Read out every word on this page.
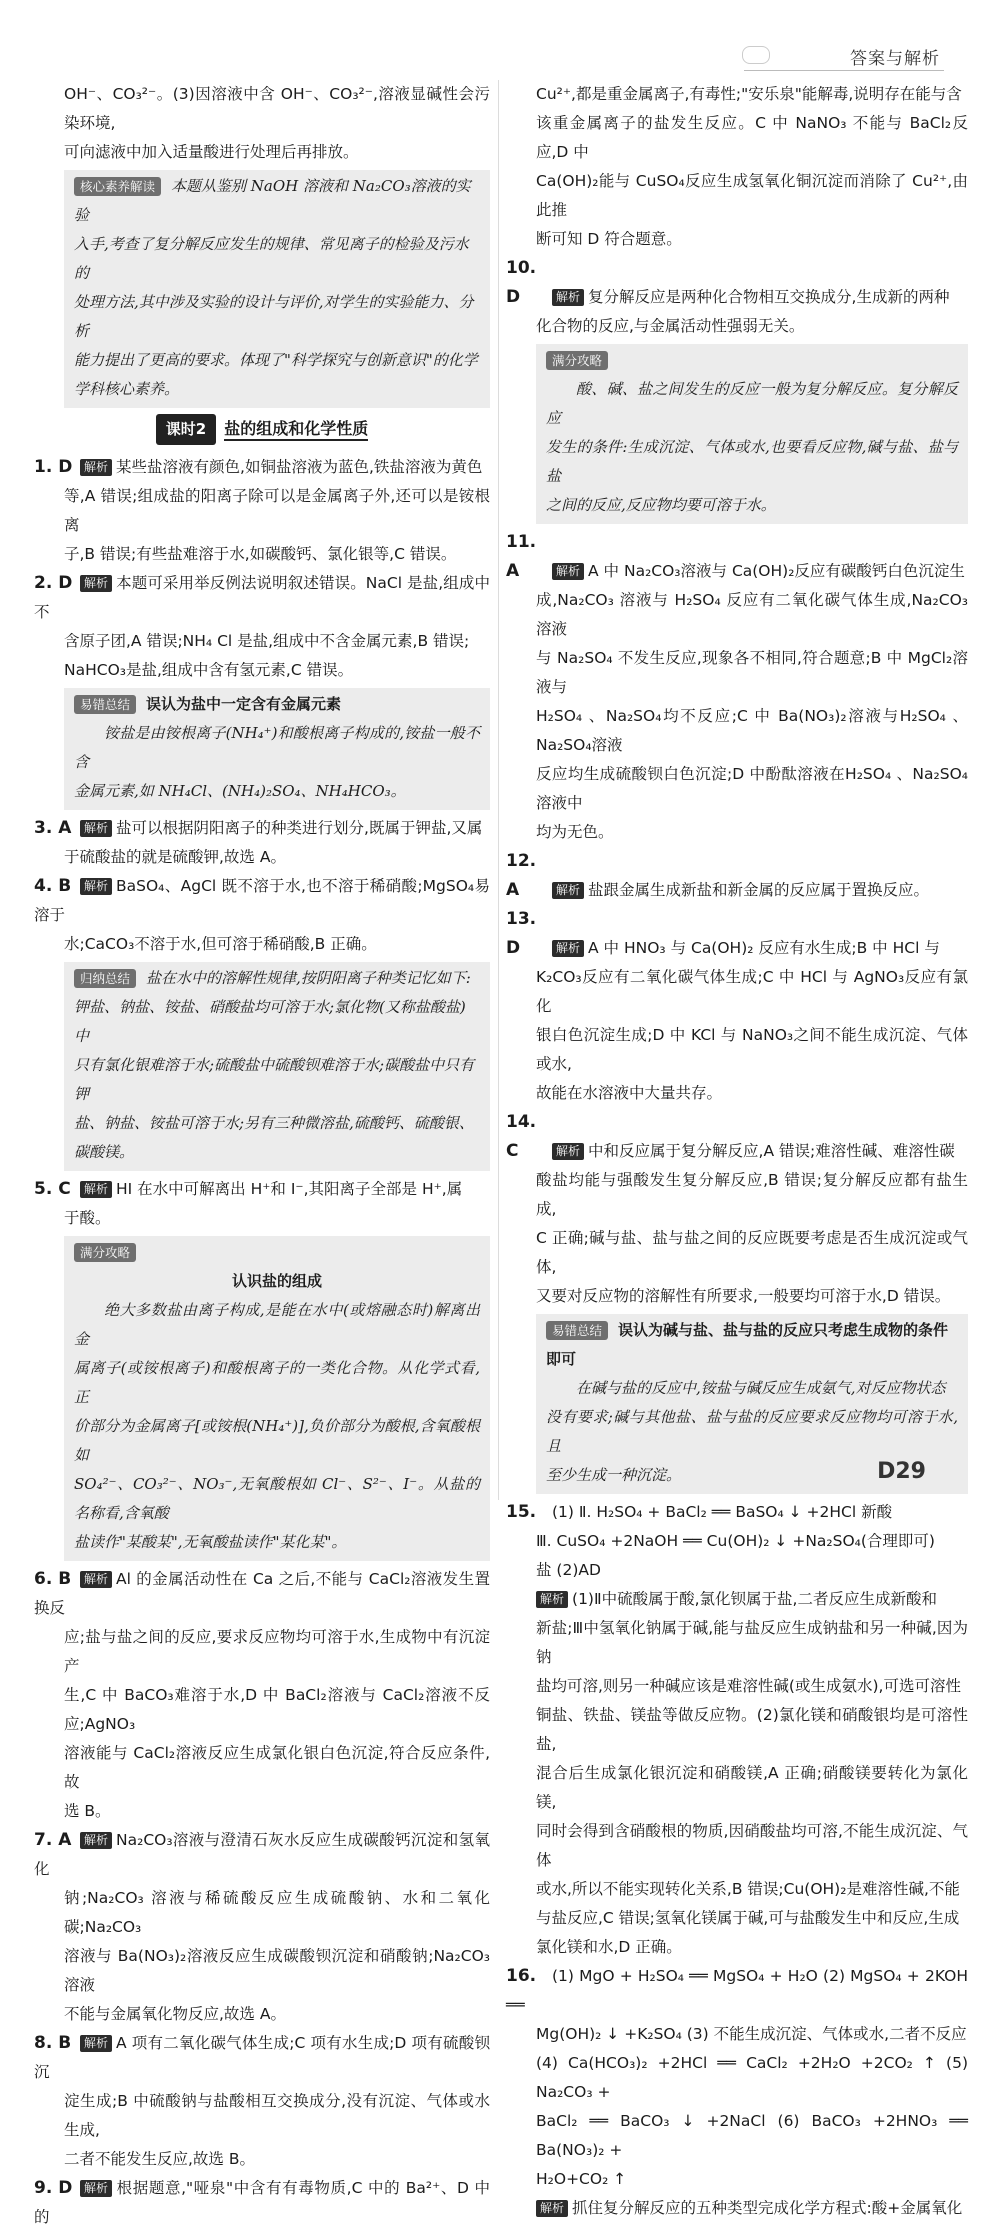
答案与解析

OH⁻、CO₃²⁻。(3)因溶液中含 OH⁻、CO₃²⁻,溶液显碱性会污染环境,

可向滤液中加入适量酸进行处理后再排放。

核心素养解读 本题从鉴别 NaOH 溶液和 Na₂CO₃溶液的实验
入手,考查了复分解反应发生的规律、常见离子的检验及污水的
处理方法,其中涉及实验的设计与评价,对学生的实验能力、分析
能力提出了更高的要求。体现了"科学探究与创新意识"的化学
学科核心素养。
课时2 盐的组成和化学性质

1. D 解析 某些盐溶液有颜色,如铜盐溶液为蓝色,铁盐溶液为黄色

等,A 错误;组成盐的阳离子除可以是金属离子外,还可以是铵根离

子,B 错误;有些盐难溶于水,如碳酸钙、氯化银等,C 错误。

2. D 解析 本题可采用举反例法说明叙述错误。NaCl 是盐,组成中不

含原子团,A 错误;NH₄ Cl 是盐,组成中不含金属元素,B 错误;

NaHCO₃是盐,组成中含有氢元素,C 错误。

易错总结 误认为盐中一定含有金属元素

铵盐是由铵根离子(NH₄⁺)和酸根离子构成的,铵盐一般不含

金属元素,如 NH₄Cl、(NH₄)₂SO₄、NH₄HCO₃。

3. A 解析 盐可以根据阴阳离子的种类进行划分,既属于钾盐,又属

于硫酸盐的就是硫酸钾,故选 A。

4. B 解析 BaSO₄、AgCl 既不溶于水,也不溶于稀硝酸;MgSO₄易溶于

水;CaCO₃不溶于水,但可溶于稀硝酸,B 正确。

归纳总结 盐在水中的溶解性规律,按阴阳离子种类记忆如下:
钾盐、钠盐、铵盐、硝酸盐均可溶于水;氯化物(又称盐酸盐)中
只有氯化银难溶于水;硫酸盐中硫酸钡难溶于水;碳酸盐中只有钾
盐、钠盐、铵盐可溶于水;另有三种微溶盐,硫酸钙、硫酸银、碳酸镁。

5. C 解析 HI 在水中可解离出 H⁺和 I⁻,其阳离子全部是 H⁺,属

于酸。

满分攻略
认识盐的组成

绝大多数盐由离子构成,是能在水中(或熔融态时)解离出金

属离子(或铵根离子)和酸根离子的一类化合物。从化学式看,正

价部分为金属离子[或铵根(NH₄⁺)],负价部分为酸根,含氧酸根如

SO₄²⁻、CO₃²⁻、NO₃⁻,无氧酸根如 Cl⁻、S²⁻、I⁻。从盐的名称看,含氧酸

盐读作"某酸某",无氧酸盐读作"某化某"。

6. B 解析 Al 的金属活动性在 Ca 之后,不能与 CaCl₂溶液发生置换反

应;盐与盐之间的反应,要求反应物均可溶于水,生成物中有沉淀产

生,C 中 BaCO₃难溶于水,D 中 BaCl₂溶液与 CaCl₂溶液不反应;AgNO₃

溶液能与 CaCl₂溶液反应生成氯化银白色沉淀,符合反应条件,故

选 B。

7. A 解析 Na₂CO₃溶液与澄清石灰水反应生成碳酸钙沉淀和氢氧化

钠;Na₂CO₃ 溶液与稀硫酸反应生成硫酸钠、水和二氧化碳;Na₂CO₃

溶液与 Ba(NO₃)₂溶液反应生成碳酸钡沉淀和硝酸钠;Na₂CO₃ 溶液

不能与金属氧化物反应,故选 A。

8. B 解析 A 项有二氧化碳气体生成;C 项有水生成;D 项有硫酸钡沉

淀生成;B 中硫酸钠与盐酸相互交换成分,没有沉淀、气体或水生成,

二者不能发生反应,故选 B。

9. D 解析 根据题意,"哑泉"中含有有毒物质,C 中的 Ba²⁺、D 中的

Cu²⁺,都是重金属离子,有毒性;"安乐泉"能解毒,说明存在能与含

该重金属离子的盐发生反应。C 中 NaNO₃ 不能与 BaCl₂反应,D 中

Ca(OH)₂能与 CuSO₄反应生成氢氧化铜沉淀而消除了 Cu²⁺,由此推

断可知 D 符合题意。

10. D	解析 复分解反应是两种化合物相互交换成分,生成新的两种

化合物的反应,与金属活动性强弱无关。

满分攻略

酸、碱、盐之间发生的反应一般为复分解反应。复分解反应

发生的条件:生成沉淀、气体或水,也要看反应物,碱与盐、盐与盐

之间的反应,反应物均要可溶于水。

11. A	解析 A 中 Na₂CO₃溶液与 Ca(OH)₂反应有碳酸钙白色沉淀生

成,Na₂CO₃ 溶液与 H₂SO₄ 反应有二氧化碳气体生成,Na₂CO₃ 溶液

与 Na₂SO₄ 不发生反应,现象各不相同,符合题意;B 中 MgCl₂溶液与

H₂SO₄ 、Na₂SO₄均不反应;C 中 Ba(NO₃)₂溶液与H₂SO₄ 、Na₂SO₄溶液

反应均生成硫酸钡白色沉淀;D 中酚酞溶液在H₂SO₄ 、Na₂SO₄溶液中

均为无色。

12. A	解析 盐跟金属生成新盐和新金属的反应属于置换反应。

13. D	解析 A 中 HNO₃ 与 Ca(OH)₂ 反应有水生成;B 中 HCl 与

K₂CO₃反应有二氧化碳气体生成;C 中 HCl 与 AgNO₃反应有氯化

银白色沉淀生成;D 中 KCl 与 NaNO₃之间不能生成沉淀、气体或水,

故能在水溶液中大量共存。

14. C	解析 中和反应属于复分解反应,A 错误;难溶性碱、难溶性碳

酸盐均能与强酸发生复分解反应,B 错误;复分解反应都有盐生成,

C 正确;碱与盐、盐与盐之间的反应既要考虑是否生成沉淀或气体,

又要对反应物的溶解性有所要求,一般要均可溶于水,D 错误。

易错总结 误认为碱与盐、盐与盐的反应只考虑生成物的条件
即可

在碱与盐的反应中,铵盐与碱反应生成氨气,对反应物状态

没有要求;碱与其他盐、盐与盐的反应要求反应物均可溶于水,且

至少生成一种沉淀。

15. (1) Ⅱ. H₂SO₄ + BaCl₂ ══ BaSO₄ ↓ +2HCl 新酸

Ⅲ. CuSO₄ +2NaOH ══ Cu(OH)₂ ↓ +Na₂SO₄(合理即可)

盐 (2)AD

解析 (1)Ⅱ中硫酸属于酸,氯化钡属于盐,二者反应生成新酸和

新盐;Ⅲ中氢氧化钠属于碱,能与盐反应生成钠盐和另一种碱,因为钠

盐均可溶,则另一种碱应该是难溶性碱(或生成氨水),可选可溶性

铜盐、铁盐、镁盐等做反应物。(2)氯化镁和硝酸银均是可溶性盐,

混合后生成氯化银沉淀和硝酸镁,A 正确;硝酸镁要转化为氯化镁,

同时会得到含硝酸根的物质,因硝酸盐均可溶,不能生成沉淀、气体

或水,所以不能实现转化关系,B 错误;Cu(OH)₂是难溶性碱,不能

与盐反应,C 错误;氢氧化镁属于碱,可与盐酸发生中和反应,生成

氯化镁和水,D 正确。

16. (1) MgO + H₂SO₄ ══ MgSO₄ + H₂O (2) MgSO₄ + 2KOH ══

Mg(OH)₂ ↓ +K₂SO₄ (3) 不能生成沉淀、气体或水,二者不反应

(4) Ca(HCO₃)₂ +2HCl ══ CaCl₂ +2H₂O +2CO₂ ↑ (5) Na₂CO₃ +

BaCl₂ ══ BaCO₃ ↓ +2NaCl (6) BaCO₃ +2HNO₃ ══ Ba(NO₃)₂ +

H₂O+CO₂ ↑

解析 抓住复分解反应的五种类型完成化学方程式:酸+金属氧化

D29
